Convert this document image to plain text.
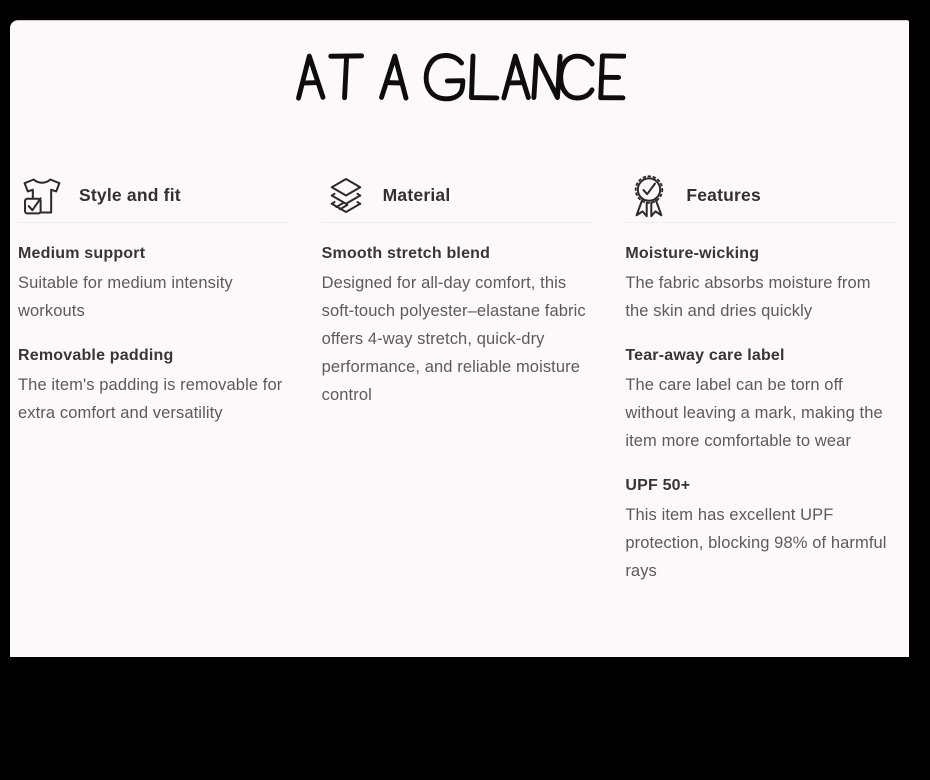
Style and fit
Medium support

Suitable for medium intensity workouts

Removable padding

The item's padding is removable for extra comfort and versatility

Material
Smooth stretch blend

Designed for all-day comfort, this soft-touch polyester–elastane fabric offers 4-way stretch, quick-dry performance, and reliable moisture control

Features
Moisture-wicking

The fabric absorbs moisture from the skin and dries quickly

Tear-away care label

The care label can be torn off without leaving a mark, making the item more comfortable to wear

UPF 50+

This item has excellent UPF protection, blocking 98% of harmful rays
